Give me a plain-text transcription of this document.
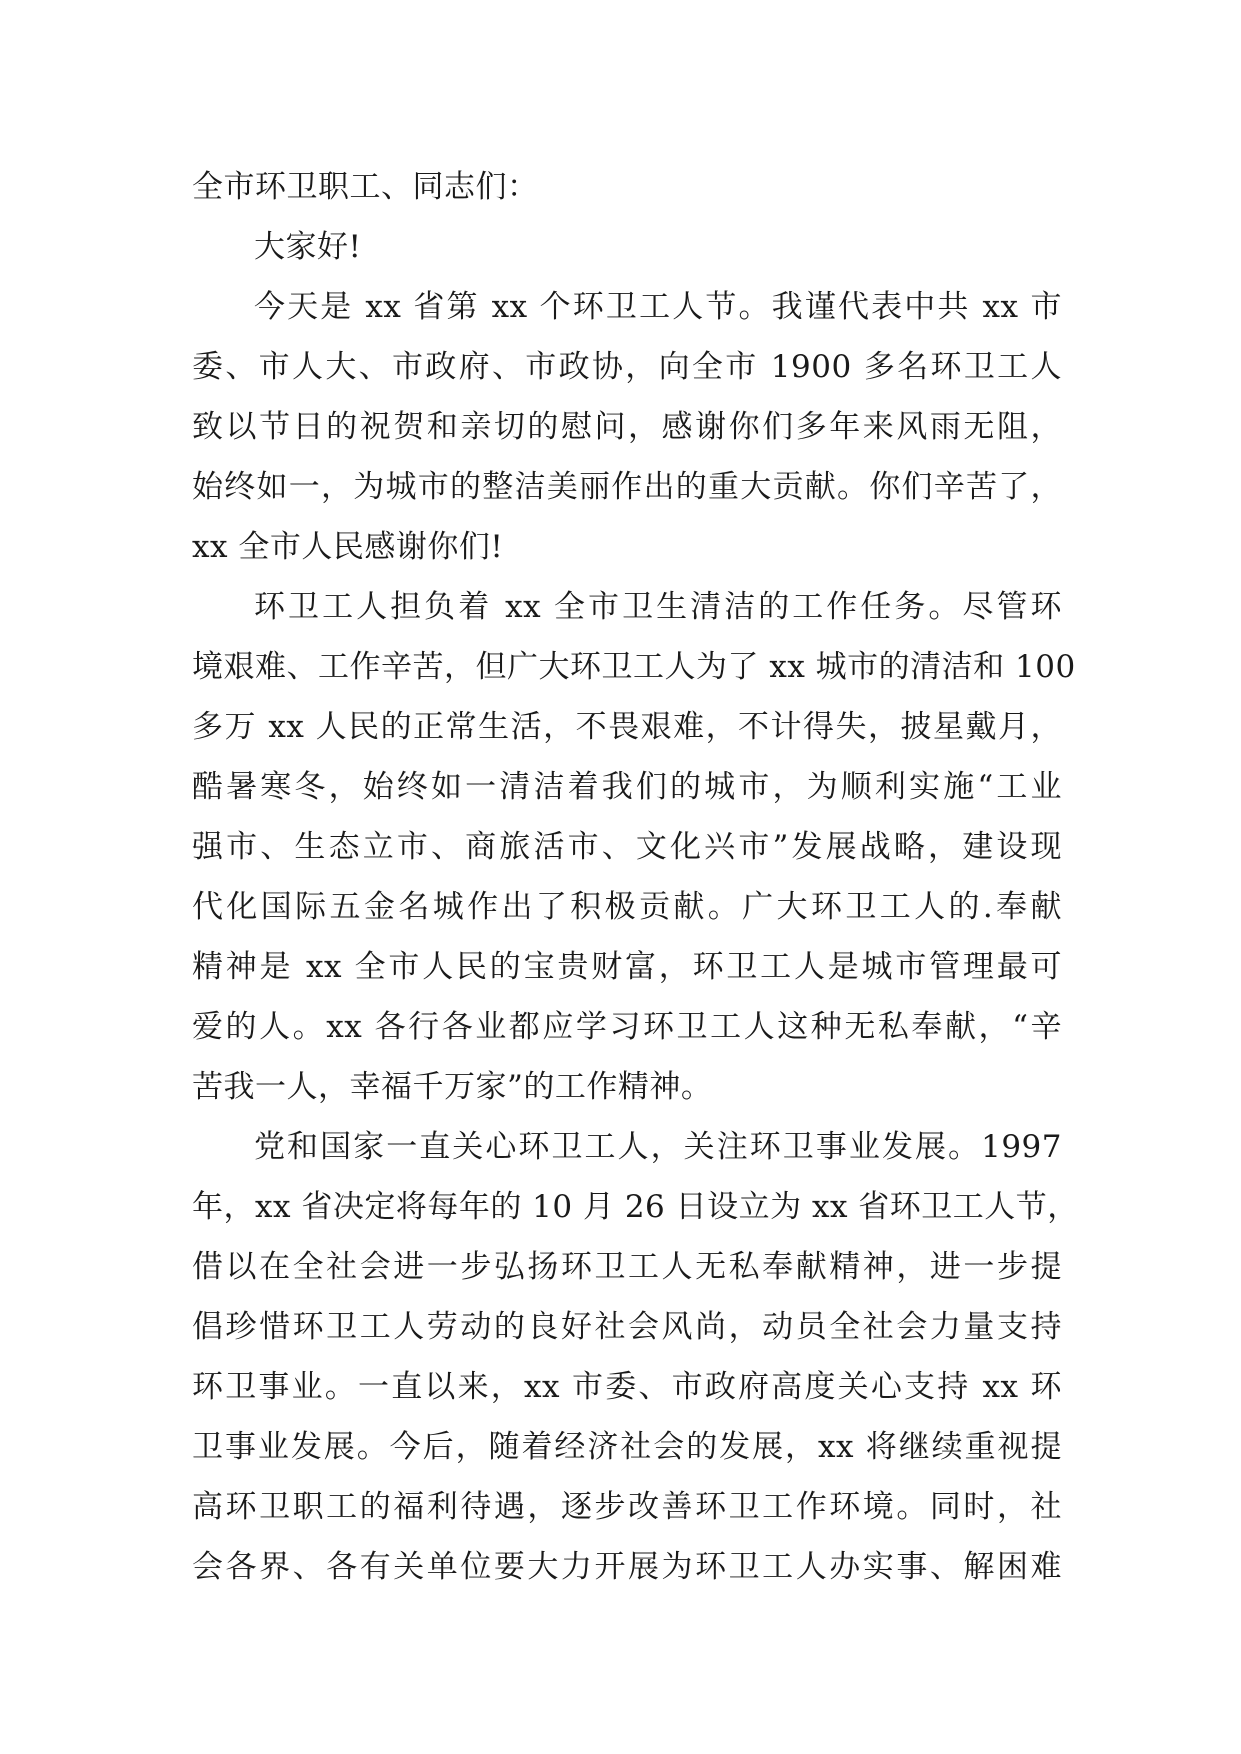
全市环卫职工、同志们：
大家好!
今天是 xx 省第 xx 个环卫工人节。我谨代表中共 xx 市
委、市人大、市政府、市政协，向全市 1900 多名环卫工人
致以节日的祝贺和亲切的慰问，感谢你们多年来风雨无阻，
始终如一，为城市的整洁美丽作出的重大贡献。你们辛苦了，
xx 全市人民感谢你们!
环卫工人担负着 xx 全市卫生清洁的工作任务。尽管环
境艰难、工作辛苦，但广大环卫工人为了 xx 城市的清洁和 100
多万 xx 人民的正常生活，不畏艰难，不计得失，披星戴月，
酷暑寒冬，始终如一清洁着我们的城市，为顺利实施“工业
强市、生态立市、商旅活市、文化兴市”发展战略，建设现
代化国际五金名城作出了积极贡献。广大环卫工人的.奉献
精神是 xx 全市人民的宝贵财富，环卫工人是城市管理最可
爱的人。xx 各行各业都应学习环卫工人这种无私奉献，“辛
苦我一人，幸福千万家”的工作精神。
党和国家一直关心环卫工人，关注环卫事业发展。1997
年，xx 省决定将每年的 10 月 26 日设立为 xx 省环卫工人节，
借以在全社会进一步弘扬环卫工人无私奉献精神，进一步提
倡珍惜环卫工人劳动的良好社会风尚，动员全社会力量支持
环卫事业。一直以来，xx 市委、市政府高度关心支持 xx 环
卫事业发展。今后，随着经济社会的发展，xx 将继续重视提
高环卫职工的福利待遇，逐步改善环卫工作环境。同时，社
会各界、各有关单位要大力开展为环卫工人办实事、解困难
